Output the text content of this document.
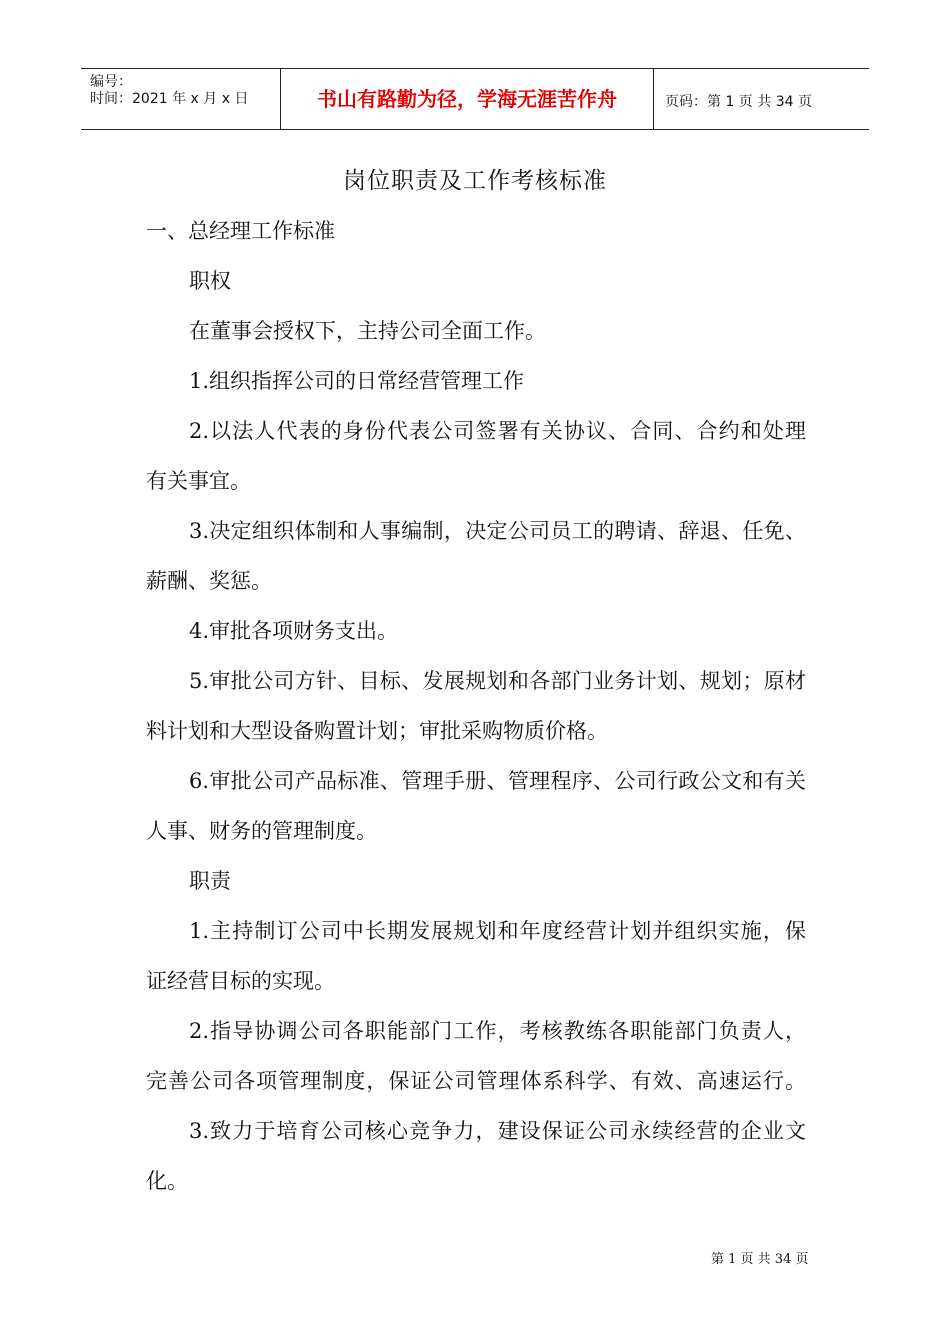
编号：
时间：2021 年 x 月 x 日	书山有路勤为径，学海无涯苦作舟	页码：第 1 页 共 34 页
岗位职责及工作考核标准
一、总经理工作标准
职权
在董事会授权下，主持公司全面工作。
1.组织指挥公司的日常经营管理工作
2.以法人代表的身份代表公司签署有关协议、合同、合约和处理
有关事宜。
3.决定组织体制和人事编制，决定公司员工的聘请、辞退、任免、
薪酬、奖惩。
4.审批各项财务支出。
5.审批公司方针、目标、发展规划和各部门业务计划、规划；原材
料计划和大型设备购置计划；审批采购物质价格。
6.审批公司产品标准、管理手册、管理程序、公司行政公文和有关
人事、财务的管理制度。
职责
1.主持制订公司中长期发展规划和年度经营计划并组织实施，保
证经营目标的实现。
2.指导协调公司各职能部门工作，考核教练各职能部门负责人，
完善公司各项管理制度，保证公司管理体系科学、有效、高速运行。
3.致力于培育公司核心竞争力，建设保证公司永续经营的企业文
化。
第 1 页 共 34 页
